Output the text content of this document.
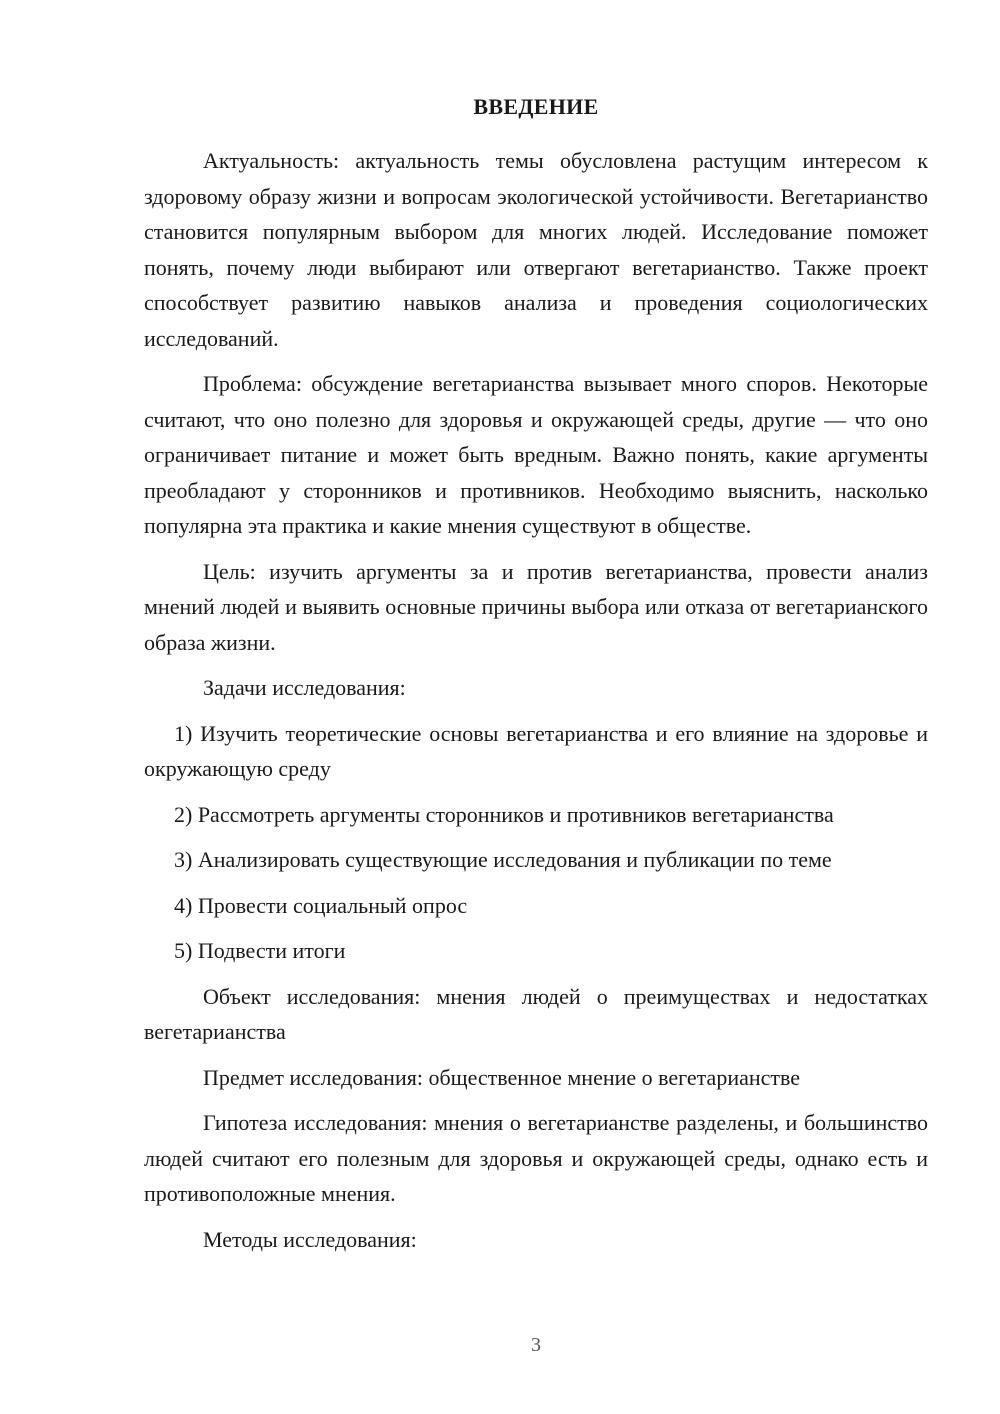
ВВЕДЕНИЕ

Актуальность: актуальность темы обусловлена растущим интересом к здоровому образу жизни и вопросам экологической устойчивости. Вегетарианство становится популярным выбором для многих людей. Исследование поможет понять, почему люди выбирают или отвергают вегетарианство. Также проект способствует развитию навыков анализа и проведения социологических исследований.

Проблема: обсуждение вегетарианства вызывает много споров. Некоторые считают, что оно полезно для здоровья и окружающей среды, другие — что оно ограничивает питание и может быть вредным. Важно понять, какие аргументы преобладают у сторонников и противников. Необходимо выяснить, насколько популярна эта практика и какие мнения существуют в обществе.

Цель: изучить аргументы за и против вегетарианства, провести анализ мнений людей и выявить основные причины выбора или отказа от вегетарианского образа жизни.

Задачи исследования:

1) Изучить теоретические основы вегетарианства и его влияние на здоровье и окружающую среду

2) Рассмотреть аргументы сторонников и противников вегетарианства

3) Анализировать существующие исследования и публикации по теме

4) Провести социальный опрос

5) Подвести итоги

Объект исследования: мнения людей о преимуществах и недостатках вегетарианства

Предмет исследования: общественное мнение о вегетарианстве

Гипотеза исследования: мнения о вегетарианстве разделены, и большинство людей считают его полезным для здоровья и окружающей среды, однако есть и противоположные мнения.

Методы исследования:

3
